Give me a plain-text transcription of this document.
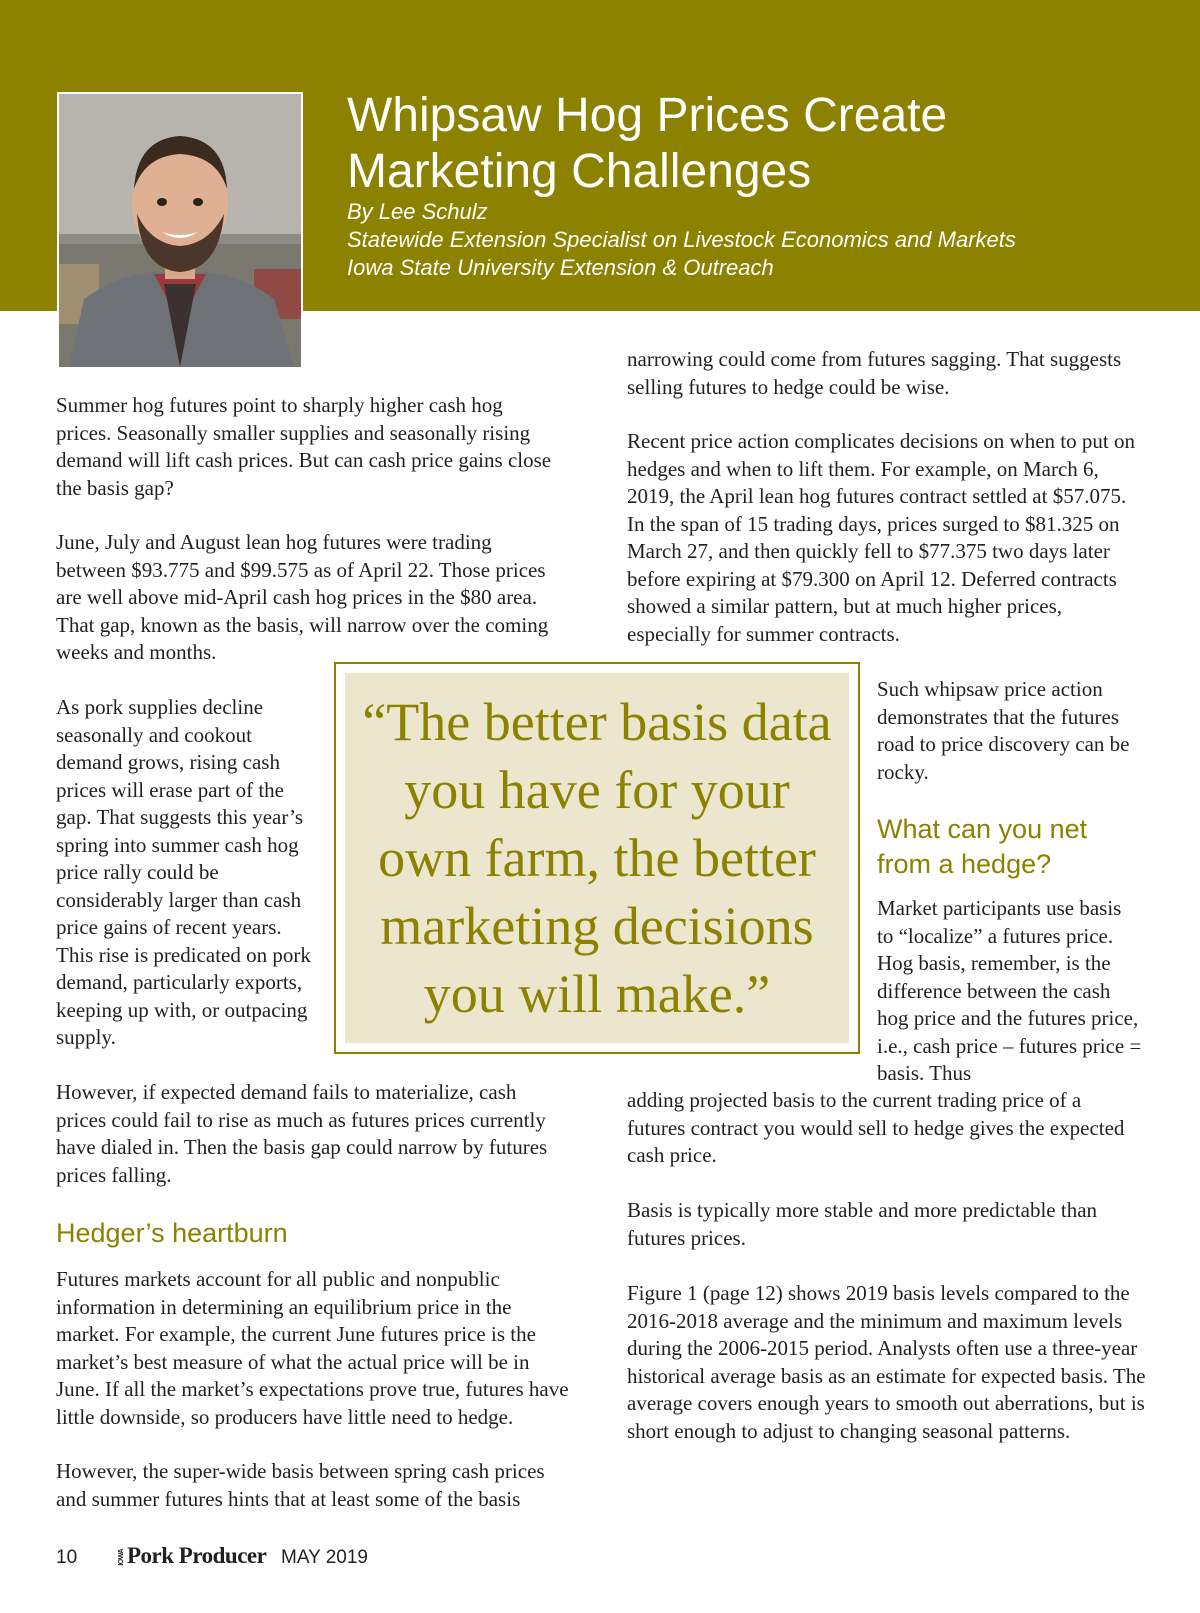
Whipsaw Hog Prices Create Marketing Challenges
By Lee Schulz
Statewide Extension Specialist on Livestock Economics and Markets
Iowa State University Extension & Outreach

Summer hog futures point to sharply higher cash hog prices. Seasonally smaller supplies and seasonally rising demand will lift cash prices. But can cash price gains close the basis gap?

June, July and August lean hog futures were trading between $93.775 and $99.575 as of April 22. Those prices are well above mid-April cash hog prices in the $80 area. That gap, known as the basis, will narrow over the coming weeks and months.

As pork supplies decline seasonally and cookout demand grows, rising cash prices will erase part of the gap. That suggests this year’s spring into summer cash hog price rally could be considerably larger than cash price gains of recent years. This rise is predicated on pork demand, particularly exports, keeping up with, or outpacing supply.

However, if expected demand fails to materialize, cash prices could fail to rise as much as futures prices currently have dialed in. Then the basis gap could narrow by futures prices falling.

Hedger’s heartburn

Futures markets account for all public and nonpublic information in determining an equilibrium price in the market. For example, the current June futures price is the market’s best measure of what the actual price will be in June. If all the market’s expectations prove true, futures have little downside, so producers have little need to hedge.

However, the super-wide basis between spring cash prices and summer futures hints that at least some of the basis

narrowing could come from futures sagging. That suggests selling futures to hedge could be wise.

Recent price action complicates decisions on when to put on hedges and when to lift them. For example, on March 6, 2019, the April lean hog futures contract settled at $57.075. In the span of 15 trading days, prices surged to $81.325 on March 27, and then quickly fell to $77.375 two days later before expiring at $79.300 on April 12. Deferred contracts showed a similar pattern, but at much higher prices, especially for summer contracts.

Such whipsaw price action demonstrates that the futures road to price discovery can be rocky.

What can you net from a hedge?

Market participants use basis to “localize” a futures price. Hog basis, remember, is the difference between the cash hog price and the futures price, i.e., cash price – futures price = basis. Thus

adding projected basis to the current trading price of a futures contract you would sell to hedge gives the expected cash price.

Basis is typically more stable and more predictable than futures prices.

Figure 1 (page 12) shows 2019 basis levels compared to the 2016-2018 average and the minimum and maximum levels during the 2006-2015 period. Analysts often use a three-year historical average basis as an estimate for expected basis. The average covers enough years to smooth out aberrations, but is short enough to adjust to changing seasonal patterns.

“The better basis data you have for your own farm, the better marketing decisions you will make.”

10	IOWAPork Producer MAY 2019
